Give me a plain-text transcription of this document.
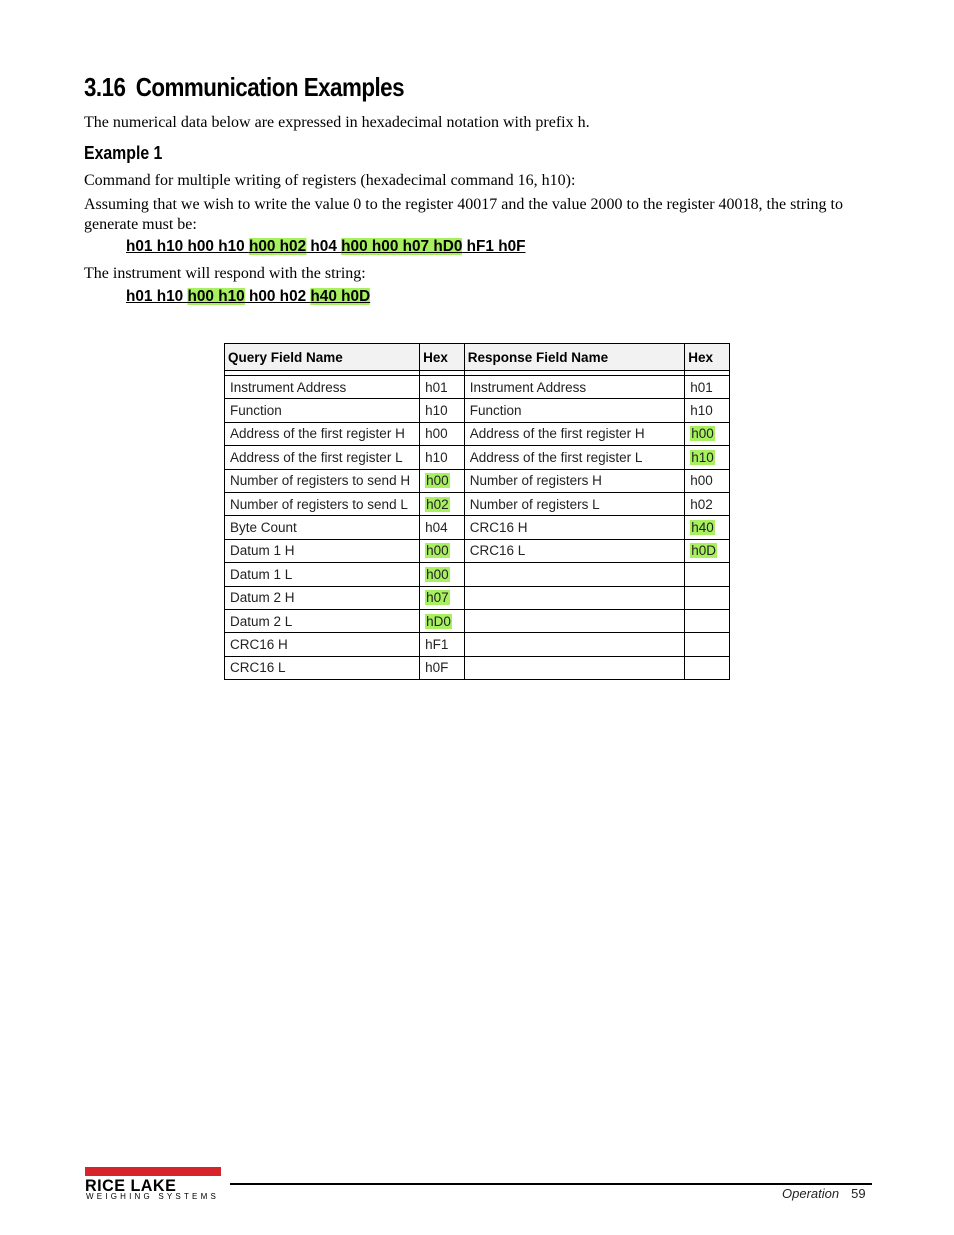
3.16 Communication Examples
The numerical data below are expressed in hexadecimal notation with prefix h.
Example 1
Command for multiple writing of registers (hexadecimal command 16, h10):
Assuming that we wish to write the value 0 to the register 40017 and the value 2000 to the register 40018, the string to generate must be:
h01 h10 h00 h10 h00 h02 h04 h00 h00 h07 hD0 hF1 h0F
The instrument will respond with the string:
h01 h10 h00 h10 h00 h02 h40 h0D
Query Field Name	Hex	Response Field Name	Hex

Instrument Address	h01	Instrument Address	h01
Function	h10	Function	h10
Address of the first register H	h00	Address of the first register H	h00
Address of the first register L	h10	Address of the first register L	h10
Number of registers to send H	h00	Number of registers H	h00
Number of registers to send L	h02	Number of registers L	h02
Byte Count	h04	CRC16 H	h40
Datum 1 H	h00	CRC16 L	h0D
Datum 1 L	h00		
Datum 2 H	h07		
Datum 2 L	hD0		
CRC16 H	hF1		
CRC16 L	h0F		
RICE LAKE
WEIGHING SYSTEMS	Operation 59
